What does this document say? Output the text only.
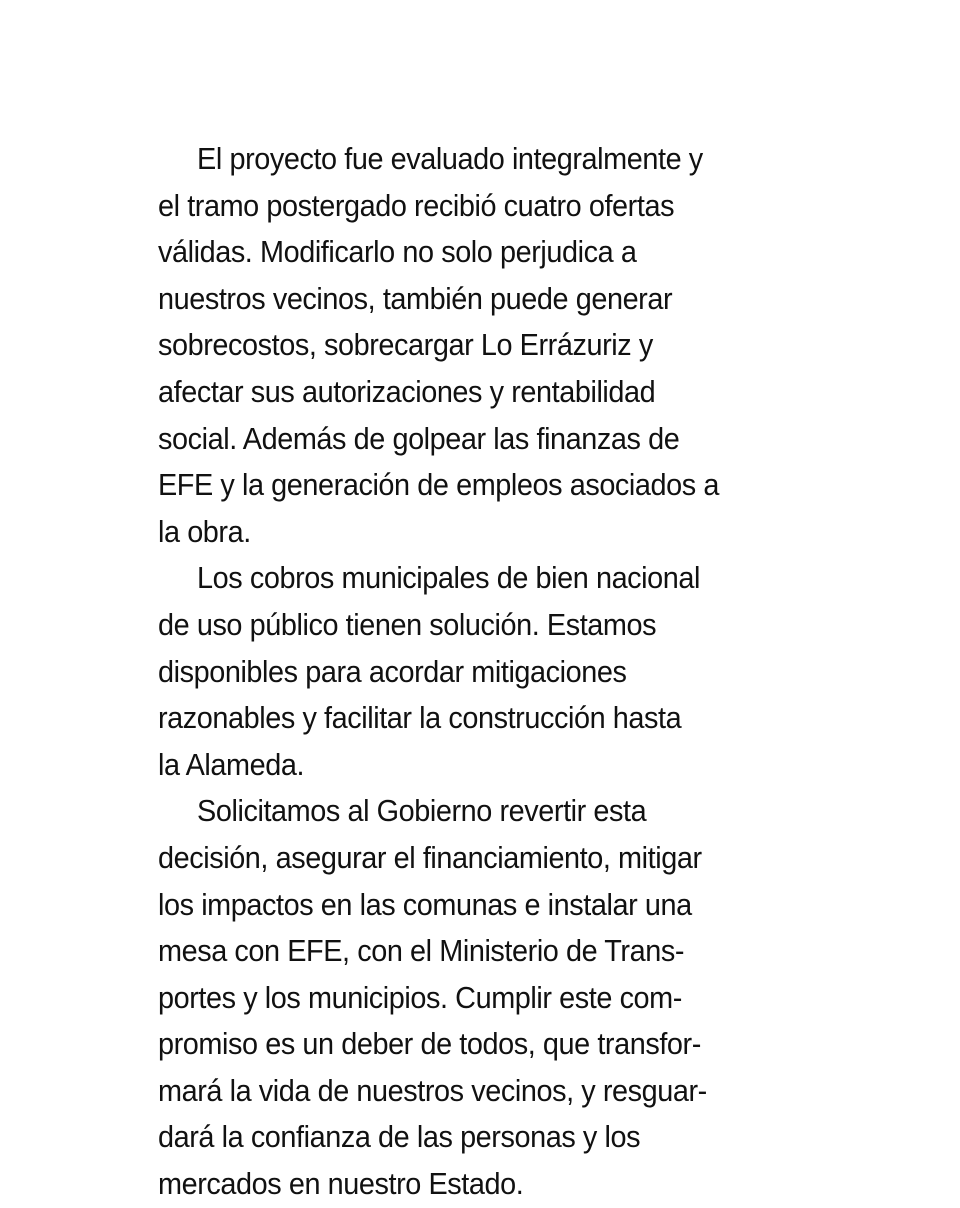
El proyecto fue evaluado integralmente y
el tramo postergado recibió cuatro ofertas
válidas. Modificarlo no solo perjudica a
nuestros vecinos, también puede generar
sobrecostos, sobrecargar Lo Errázuriz y
afectar sus autorizaciones y rentabilidad
social. Además de golpear las finanzas de
EFE y la generación de empleos asociados a
la obra.
Los cobros municipales de bien nacional
de uso público tienen solución. Estamos
disponibles para acordar mitigaciones
razonables y facilitar la construcción hasta
la Alameda.
Solicitamos al Gobierno revertir esta
decisión, asegurar el financiamiento, mitigar
los impactos en las comunas e instalar una
mesa con EFE, con el Ministerio de Trans-
portes y los municipios. Cumplir este com-
promiso es un deber de todos, que transfor-
mará la vida de nuestros vecinos, y resguar-
dará la confianza de las personas y los
mercados en nuestro Estado.
